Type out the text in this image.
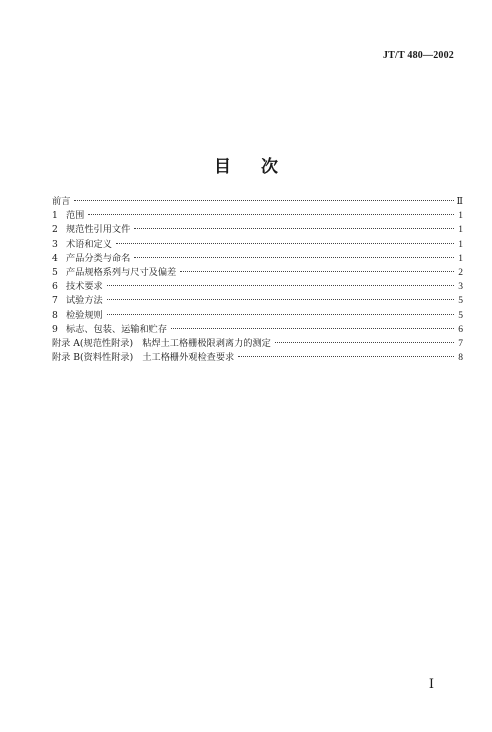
JT/T 480—2002
目 次
前言	Ⅱ
1 范围	1
2 规范性引用文件	1
3 术语和定义	1
4 产品分类与命名	1
5 产品规格系列与尺寸及偏差	2
6 技术要求	3
7 试验方法	5
8 检验规则	5
9 标志、包装、运输和贮存	6
附录 A(规范性附录)　粘焊土工格栅极限剥离力的测定	7
附录 B(资料性附录)　土工格栅外观检查要求	8
Ⅰ
